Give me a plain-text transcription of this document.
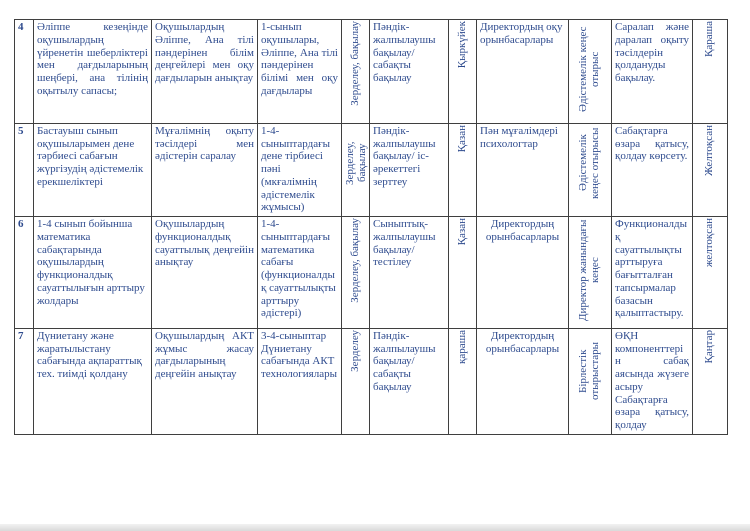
4	Әліппе кезеңінде оқушылардың үйренетін шеберліктері мен дағдыларының шеңбері, ана тілінің оқытылу сапасы;	Оқушылардың Әліппе, Ана тілі пәндерінен білім деңгейлері мен оқу дағдыларын анықтау	1-сынып оқушылары, Әліппе, Ана тілі пәндерінен білімі мен оқу дағдылары	Зерделеу, бақылау	Пәндік-жалпылаушы бақылау/ сабақты бақылау	Қыркүйек	Директордың оқу орынбасарлары	Әдістемелік кеңес отырыс	Саралап және даралап оқыту тәсілдерін қолдануды бақылау.	Қараша
5	Бастауыш сынып оқушыларымен дене тәрбиесі сабағын жүргізудің әдістемелік ерекшеліктері	Мұғалімнің оқыту тәсілдері мен әдістерін саралау	1-4-сыныптардағы дене тірбиесі пәні (мкғалімнің әдістемелік жұмысы)	Зерделеу, бақылау	Пәндік-жалпылаушы бақылау/ іс-әрекеттегі зерттеу	Қазан	Пән мұғалімдері психологтар	Әдістемелік кеңес отырысы	Сабақтарға өзара қатысу, қолдау көрсету.	Желтоқсан
6	1-4 сынып бойынша математика сабақтарында оқушылардың функционалдық сауаттылығын арттыру жолдары	Оқушылардың функционалдық сауаттылық деңгейін анықтау	1-4-сыныптардағы математика сабағы (функционалдық сауаттылықты арттыру әдістері)	Зерделеу, бақылау	Сыныптық-жалпылаушы бақылау/тестілеу	Қазан	Директордың орынбасарлары	Директор жанындағы кеңес	Функционалдық сауаттылықты арттыруға бағытталған тапсырмалар базасын қалыптастыру.	желтоқсан
7	Дүниетану және жаратылыстану сабағында ақпараттық тех. тиімді қолдану	Оқушылардың АКТ жұмыс жасау дағдыларының деңгейін анықтау	3-4-сыныптар Дүниетану сабағында АКТ технологиялары	Зерделеу	Пәндік-жалпылаушы бақылау/сабақты бақылау	қараша	Директордың орынбасарлары	Бірлестік отырыстары	ӨҚН компоненттерін сабақ аясында жүзеге асыру Сабақтарға өзара қатысу, қолдау	Қаңтар
